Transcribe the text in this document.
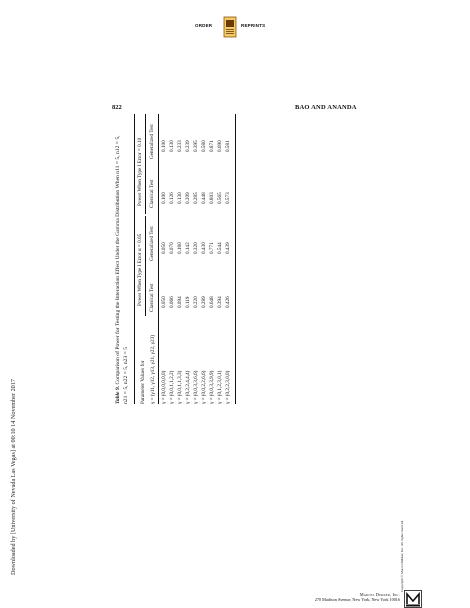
ORDER	REPRINTS
Downloaded by [University of Nevada Las Vegas] at 00:10 14 November 2017
822	BAO AND ANANDA
Table 9. Comparison of Power for Testing the Interaction Effect Under the Gamma Distribution When n11 = 5, n12 = 5, n21 = 5, n22 = 5, n23 = 5 Parameter Values for γ = (γ11, γ12, γ13, γ21, γ22, γ23)
Power When Type I Error α = 0.05
Power When Type I Error = 0.10
Classical Test
Generalized Test
Classical Test
Generalized Test
γ = (0,0,0,0,0,0)
0.050
0.050
0.100
0.100
γ = (0,0,1,1,2,2)
0.066
0.070
0.126
0.130
γ = (0,0,1,1,3,3)
0.094
0.180
0.130
0.233
γ = (0,2,2,4,4,4)
0.119
0.142
0.209
0.239
γ = (0,0,3,3,6,6)
0.220
0.320
0.285
0.395
γ = (0,0,2,2,6,6)
0.289
0.430
0.448
0.580
γ = (0,0,3,3,9,9)
0.648
0.771
0.803
0.871
γ = (0,1,2,3,0,1)
0.394
0.544
0.565
0.690
γ = (0,2,2,3,0,0)
0.426
0.439
0.573
0.581
Copyright © Marcel Dekker, Inc. All rights reserved.
Marcel Dekker, Inc.
270 Madison Avenue, New York, New York 10016
